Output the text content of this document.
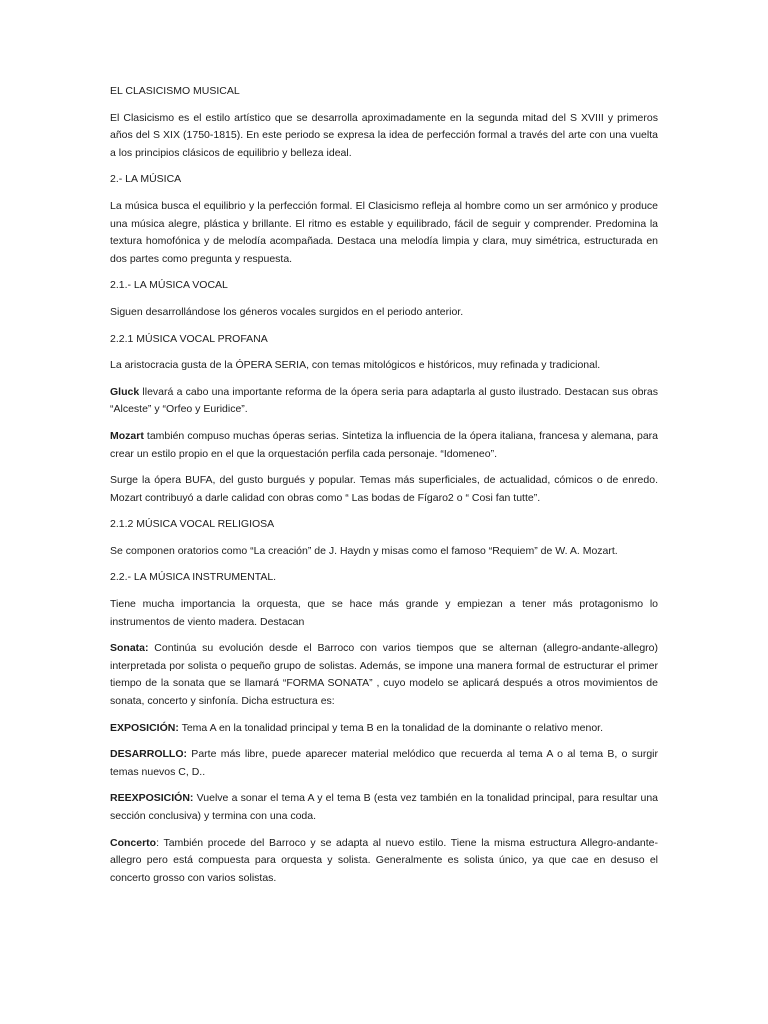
EL CLASICISMO MUSICAL

El Clasicismo es el estilo artístico que se desarrolla aproximadamente en la segunda mitad del S XVIII y primeros años del S XIX (1750-1815). En este periodo se expresa la idea de perfección formal a través del arte con una vuelta a los principios clásicos de equilibrio y belleza ideal.

2.- LA MÚSICA

La música busca el equilibrio y la perfección formal. El Clasicismo refleja al hombre como un ser armónico y produce una música alegre, plástica y brillante. El ritmo es estable y equilibrado, fácil de seguir y comprender. Predomina la textura homofónica y de melodía acompañada. Destaca una melodía limpia y clara, muy simétrica, estructurada en dos partes como pregunta y respuesta.

2.1.- LA MÚSICA VOCAL

Siguen desarrollándose los géneros vocales surgidos en el periodo anterior.

2.2.1 MÚSICA VOCAL PROFANA

La aristocracia gusta de la ÓPERA SERIA, con temas mitológicos e históricos, muy refinada y tradicional.

Gluck llevará a cabo una importante reforma de la ópera seria para adaptarla al gusto ilustrado. Destacan sus obras “Alceste” y “Orfeo y Euridice”.

Mozart también compuso muchas óperas serias. Sintetiza la influencia de la ópera italiana, francesa y alemana, para crear un estilo propio en el que la orquestación perfila cada personaje. “Idomeneo”.

Surge la ópera BUFA, del gusto burgués y popular. Temas más superficiales, de actualidad, cómicos o de enredo. Mozart contribuyó a darle calidad con obras como “ Las bodas de Fígaro2 o “ Cosi fan tutte”.

2.1.2 MÚSICA VOCAL RELIGIOSA

Se componen oratorios como “La creación” de J. Haydn y misas como el famoso “Requiem” de W. A. Mozart.

2.2.- LA MÚSICA INSTRUMENTAL.

Tiene mucha importancia la orquesta, que se hace más grande y empiezan a tener más protagonismo lo instrumentos de viento madera. Destacan

Sonata: Continúa su evolución desde el Barroco con varios tiempos que se alternan (allegro-andante-allegro) interpretada por solista o pequeño grupo de solistas. Además, se impone una manera formal de estructurar el primer tiempo de la sonata que se llamará “FORMA SONATA” , cuyo modelo se aplicará después a otros movimientos de sonata, concerto y sinfonía. Dicha estructura es:

EXPOSICIÓN: Tema A en la tonalidad principal y tema B en la tonalidad de la dominante o relativo menor.

DESARROLLO: Parte más libre, puede aparecer material melódico que recuerda al tema A o al tema B, o surgir temas nuevos C, D..

REEXPOSICIÓN: Vuelve a sonar el tema A y el tema B (esta vez también en la tonalidad principal, para resultar una sección conclusiva) y termina con una coda.

Concerto: También procede del Barroco y se adapta al nuevo estilo. Tiene la misma estructura Allegro-andante-allegro pero está compuesta para orquesta y solista. Generalmente es solista único, ya que cae en desuso el concerto grosso con varios solistas.
